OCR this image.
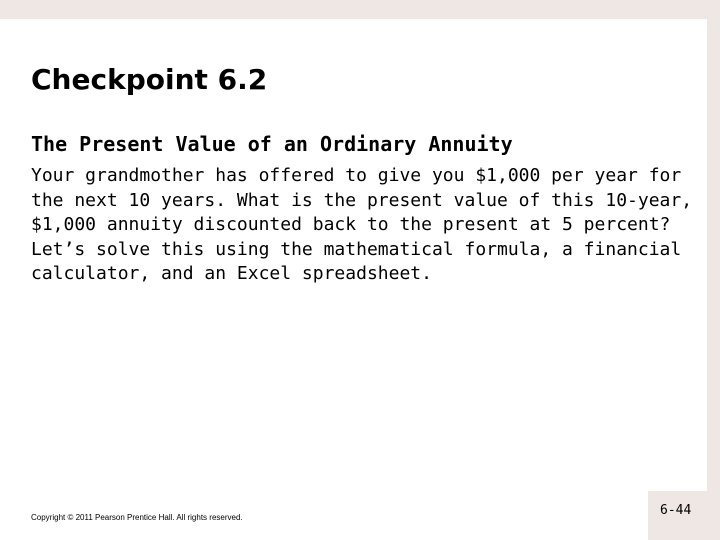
Checkpoint 6.2
The Present Value of an Ordinary Annuity

Your grandmother has offered to give you $1,000 per year for
the next 10 years. What is the present value of this 10-year,
$1,000 annuity discounted back to the present at 5 percent?
Let’s solve this using the mathematical formula, a financial
calculator, and an Excel spreadsheet.

Copyright © 2011 Pearson Prentice Hall. All rights reserved.	6-44
